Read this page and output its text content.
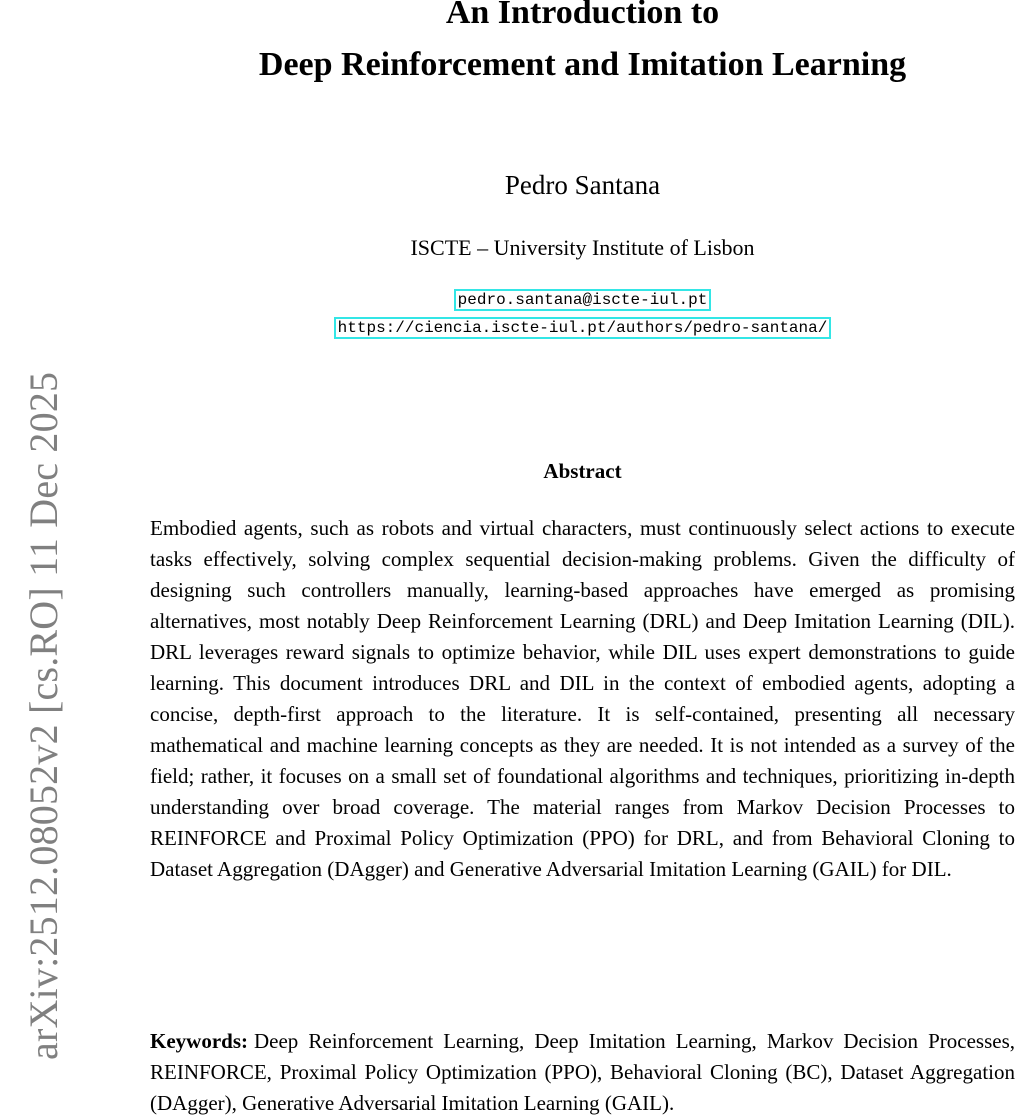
arXiv:2512.08052v2 [cs.RO] 11 Dec 2025
An Introduction to
Deep Reinforcement and Imitation Learning
Pedro Santana
ISCTE – University Institute of Lisbon
pedro.santana@iscte-iul.pt
https://ciencia.iscte-iul.pt/authors/pedro-santana/
Abstract

Embodied agents, such as robots and virtual characters, must continuously select actions to execute tasks effectively, solving complex sequential decision-making problems. Given the difficulty of designing such controllers manually, learning-based approaches have emerged as promising alternatives, most notably Deep Reinforcement Learning (DRL) and Deep Imitation Learning (DIL). DRL leverages reward signals to optimize behavior, while DIL uses expert demonstrations to guide learning. This document introduces DRL and DIL in the context of embodied agents, adopting a concise, depth-first approach to the literature. It is self-contained, presenting all necessary mathematical and machine learning concepts as they are needed. It is not intended as a survey of the field; rather, it focuses on a small set of foundational algorithms and techniques, prioritizing in-depth understanding over broad coverage. The material ranges from Markov Decision Processes to REINFORCE and Proximal Policy Optimization (PPO) for DRL, and from Behavioral Cloning to Dataset Aggregation (DAgger) and Generative Adversarial Imitation Learning (GAIL) for DIL.

Keywords: Deep Reinforcement Learning, Deep Imitation Learning, Markov Decision Processes, REINFORCE, Proximal Policy Optimization (PPO), Behavioral Cloning (BC), Dataset Aggregation (DAgger), Generative Adversarial Imitation Learning (GAIL).
